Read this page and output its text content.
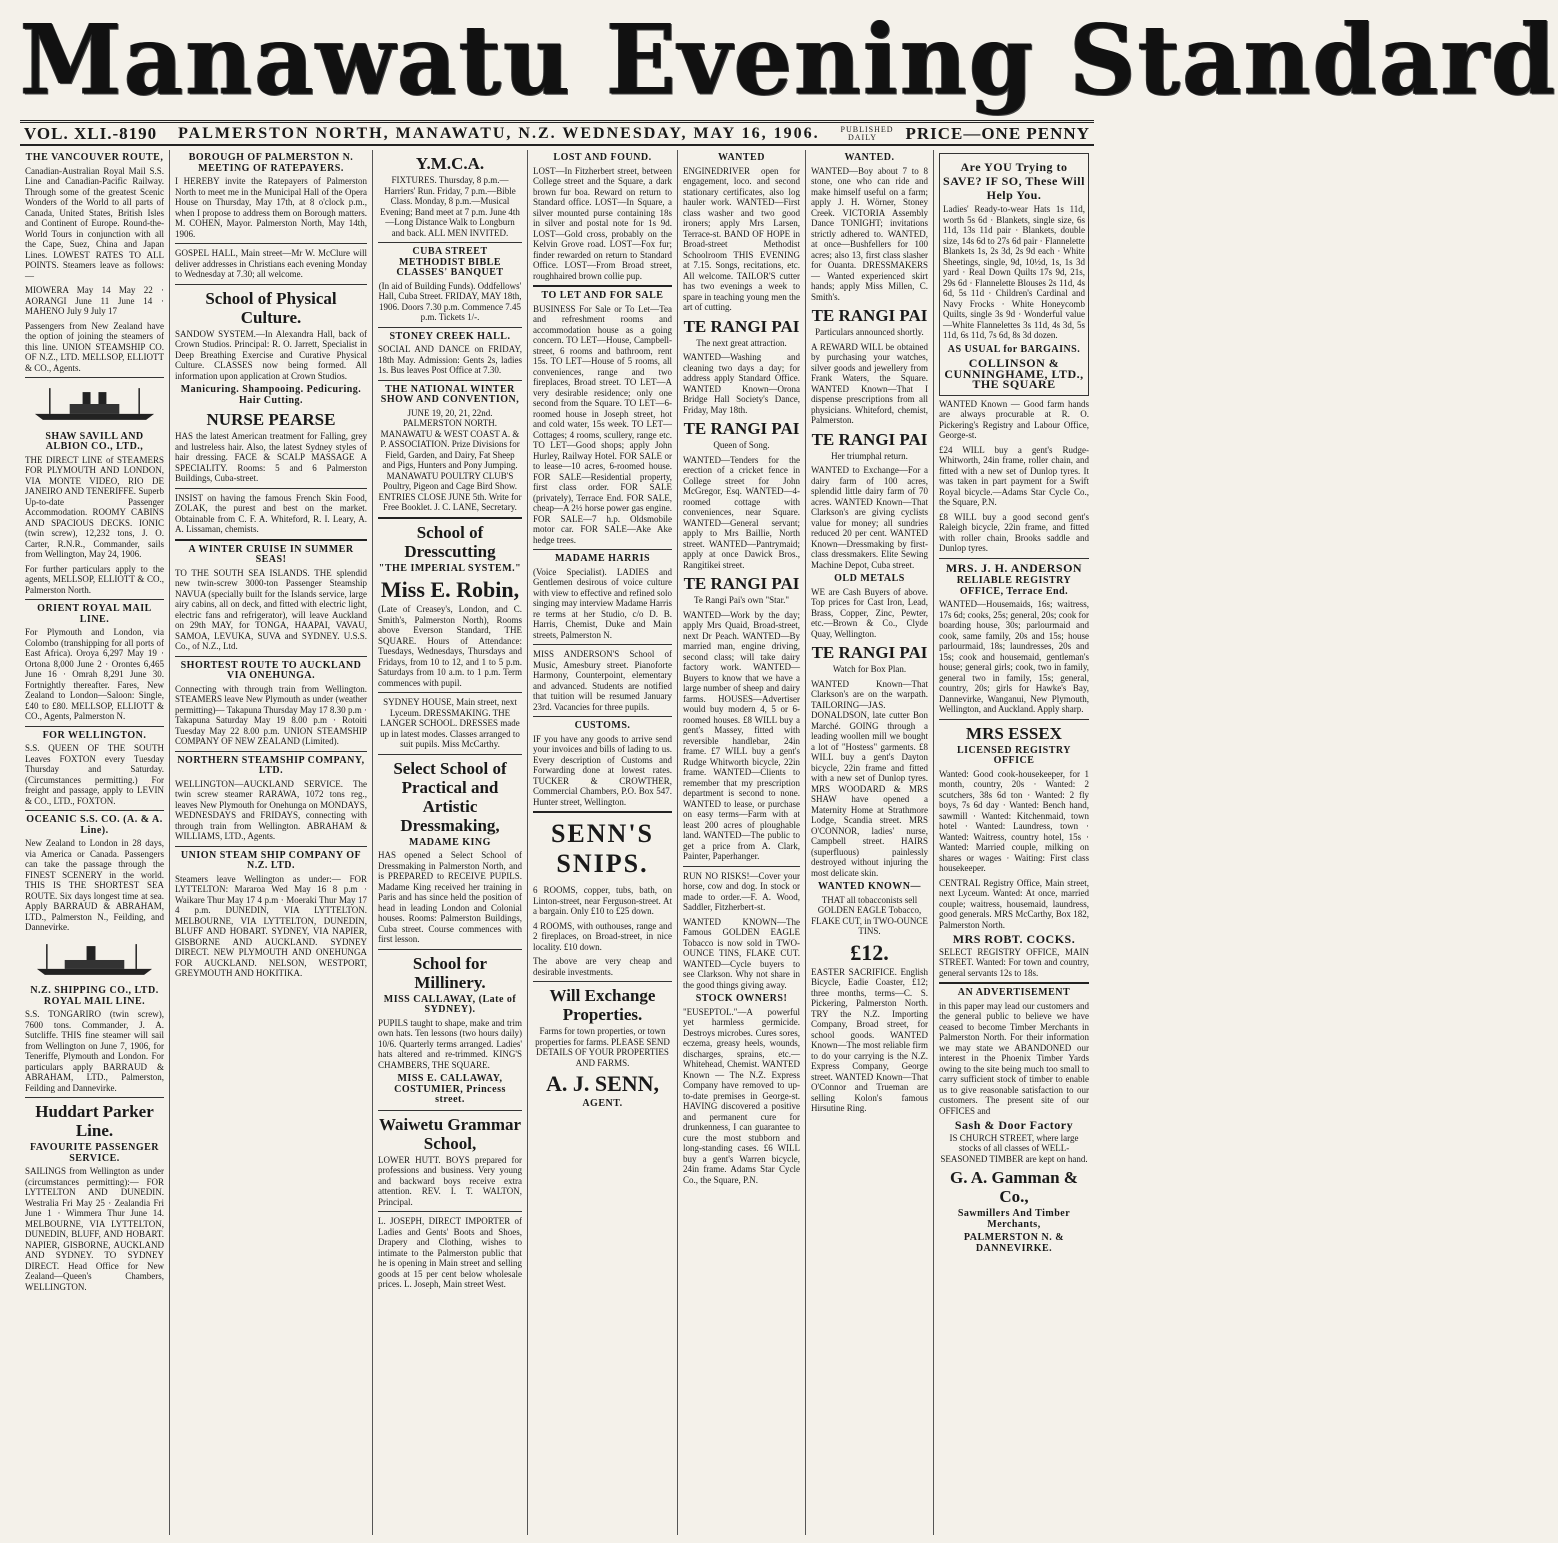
Manawatu Evening Standard
VOL. XLI.-8190 PALMERSTON NORTH, MANAWATU, N.Z. WEDNESDAY, MAY 16, 1906.	PUBLISHED DAILY	PRICE—ONE PENNY
THE VANCOUVER ROUTE,
Canadian-Australian Royal Mail S.S. Line and Canadian-Pacific Railway. Through some of the greatest Scenic Wonders of the World to all parts of Canada, United States, British Isles and Continent of Europe. Round-the-World Tours in conjunction with all the Cape, Suez, China and Japan Lines. LOWEST RATES TO ALL POINTS. Steamers leave as follows:—
MIOWERA May 14 May 22 · AORANGI June 11 June 14 · MAHENO July 9 July 17
Passengers from New Zealand have the option of joining the steamers of this line. UNION STEAMSHIP CO. OF N.Z., LTD. MELLSOP, ELLIOTT & CO., Agents.
SHAW SAVILL AND ALBION CO., LTD.,
THE DIRECT LINE of STEAMERS FOR PLYMOUTH AND LONDON, VIA MONTE VIDEO, RIO DE JANEIRO AND TENERIFFE. Superb Up-to-date Passenger Accommodation. ROOMY CABINS AND SPACIOUS DECKS. IONIC (twin screw), 12,232 tons, J. O. Carter, R.N.R., Commander, sails from Wellington, May 24, 1906.
For further particulars apply to the agents, MELLSOP, ELLIOTT & CO., Palmerston North.
ORIENT ROYAL MAIL LINE.
For Plymouth and London, via Colombo (transhipping for all ports of East Africa). Oroya 6,297 May 19 · Ortona 8,000 June 2 · Orontes 6,465 June 16 · Omrah 8,291 June 30. Fortnightly thereafter. Fares, New Zealand to London—Saloon: Single, £40 to £80. MELLSOP, ELLIOTT & CO., Agents, Palmerston N.
FOR WELLINGTON.
S.S. QUEEN OF THE SOUTH Leaves FOXTON every Tuesday Thursday and Saturday. (Circumstances permitting.) For freight and passage, apply to LEVIN & CO., LTD., FOXTON.
OCEANIC S.S. CO. (A. & A. Line).
New Zealand to London in 28 days, via America or Canada. Passengers can take the passage through the FINEST SCENERY in the world. THIS IS THE SHORTEST SEA ROUTE. Six days longest time at sea. Apply BARRAUD & ABRAHAM, LTD., Palmerston N., Feilding, and Dannevirke.
N.Z. SHIPPING CO., LTD. ROYAL MAIL LINE.
S.S. TONGARIRO (twin screw), 7600 tons. Commander, J. A. Sutcliffe. THIS fine steamer will sail from Wellington on June 7, 1906, for Teneriffe, Plymouth and London. For particulars apply BARRAUD & ABRAHAM, LTD., Palmerston, Feilding and Dannevirke.
Huddart Parker Line.
FAVOURITE PASSENGER SERVICE.
SAILINGS from Wellington as under (circumstances permitting):— FOR LYTTELTON AND DUNEDIN. Westralia Fri May 25 · Zealandia Fri June 1 · Wimmera Thur June 14. MELBOURNE, VIA LYTTELTON, DUNEDIN, BLUFF, AND HOBART. NAPIER, GISBORNE, AUCKLAND AND SYDNEY. TO SYDNEY DIRECT. Head Office for New Zealand—Queen's Chambers, WELLINGTON.
BOROUGH OF PALMERSTON N. MEETING OF RATEPAYERS.
I HEREBY invite the Ratepayers of Palmerston North to meet me in the Municipal Hall of the Opera House on Thursday, May 17th, at 8 o'clock p.m., when I propose to address them on Borough matters. M. COHEN, Mayor. Palmerston North, May 14th, 1906.
GOSPEL HALL, Main street—Mr W. McClure will deliver addresses in Christians each evening Monday to Wednesday at 7.30; all welcome.
School of Physical Culture.
SANDOW SYSTEM.—In Alexandra Hall, back of Crown Studios. Principal: R. O. Jarrett, Specialist in Deep Breathing Exercise and Curative Physical Culture. CLASSES now being formed. All information upon application at Crown Studios.
Manicuring. Shampooing. Pedicuring. Hair Cutting.
NURSE PEARSE
HAS the latest American treatment for Falling, grey and lustreless hair. Also, the latest Sydney styles of hair dressing. FACE & SCALP MASSAGE A SPECIALITY. Rooms: 5 and 6 Palmerston Buildings, Cuba-street.
INSIST on having the famous French Skin Food, ZOLAK, the purest and best on the market. Obtainable from C. F. A. Whiteford, R. I. Leary, A. A. Lissaman, chemists.
A WINTER CRUISE IN SUMMER SEAS!
TO THE SOUTH SEA ISLANDS. THE splendid new twin-screw 3000-ton Passenger Steamship NAVUA (specially built for the Islands service, large airy cabins, all on deck, and fitted with electric light, electric fans and refrigerator), will leave Auckland on 29th MAY, for TONGA, HAAPAI, VAVAU, SAMOA, LEVUKA, SUVA and SYDNEY. U.S.S. Co., of N.Z., Ltd.
SHORTEST ROUTE TO AUCKLAND VIA ONEHUNGA.
Connecting with through train from Wellington. STEAMERS leave New Plymouth as under (weather permitting)— Takapuna Thursday May 17 8.30 p.m · Takapuna Saturday May 19 8.00 p.m · Rotoiti Tuesday May 22 8.00 p.m. UNION STEAMSHIP COMPANY OF NEW ZEALAND (Limited).
NORTHERN STEAMSHIP COMPANY, LTD.
WELLINGTON—AUCKLAND SERVICE. The twin screw steamer RARAWA, 1072 tons reg., leaves New Plymouth for Onehunga on MONDAYS, WEDNESDAYS and FRIDAYS, connecting with through train from Wellington. ABRAHAM & WILLIAMS, LTD., Agents.
UNION STEAM SHIP COMPANY OF N.Z. LTD.
Steamers leave Wellington as under:— FOR LYTTELTON: Mararoa Wed May 16 8 p.m · Waikare Thur May 17 4 p.m · Moeraki Thur May 17 4 p.m. DUNEDIN, VIA LYTTELTON. MELBOURNE, VIA LYTTELTON, DUNEDIN, BLUFF AND HOBART. SYDNEY, VIA NAPIER, GISBORNE AND AUCKLAND. SYDNEY DIRECT. NEW PLYMOUTH AND ONEHUNGA FOR AUCKLAND. NELSON, WESTPORT, GREYMOUTH AND HOKITIKA.
Y.M.C.A.
FIXTURES. Thursday, 8 p.m.—Harriers' Run. Friday, 7 p.m.—Bible Class. Monday, 8 p.m.—Musical Evening; Band meet at 7 p.m. June 4th—Long Distance Walk to Longburn and back. ALL MEN INVITED.
CUBA STREET METHODIST BIBLE CLASSES' BANQUET
(In aid of Building Funds). Oddfellows' Hall, Cuba Street. FRIDAY, MAY 18th, 1906. Doors 7.30 p.m. Commence 7.45 p.m. Tickets 1/-.
STONEY CREEK HALL.
SOCIAL AND DANCE on FRIDAY, 18th May. Admission: Gents 2s, ladies 1s. Bus leaves Post Office at 7.30.
THE NATIONAL WINTER SHOW AND CONVENTION,
JUNE 19, 20, 21, 22nd. PALMERSTON NORTH. MANAWATU & WEST COAST A. & P. ASSOCIATION. Prize Divisions for Field, Garden, and Dairy, Fat Sheep and Pigs, Hunters and Pony Jumping. MANAWATU POULTRY CLUB'S Poultry, Pigeon and Cage Bird Show. ENTRIES CLOSE JUNE 5th. Write for Free Booklet. J. C. LANE, Secretary.
School of Dresscutting
"THE IMPERIAL SYSTEM."
Miss E. Robin,
(Late of Creasey's, London, and C. Smith's, Palmerston North), Rooms above Everson Standard, THE SQUARE. Hours of Attendance: Tuesdays, Wednesdays, Thursdays and Fridays, from 10 to 12, and 1 to 5 p.m. Saturdays from 10 a.m. to 1 p.m. Term commences with pupil.
SYDNEY HOUSE, Main street, next Lyceum. DRESSMAKING. THE LANGER SCHOOL. DRESSES made up in latest modes. Classes arranged to suit pupils. Miss McCarthy.
Select School of Practical and Artistic Dressmaking,
MADAME KING
HAS opened a Select School of Dressmaking in Palmerston North, and is PREPARED to RECEIVE PUPILS. Madame King received her training in Paris and has since held the position of head in leading London and Colonial houses. Rooms: Palmerston Buildings, Cuba street. Course commences with first lesson.
School for Millinery.
MISS CALLAWAY, (Late of SYDNEY).
PUPILS taught to shape, make and trim own hats. Ten lessons (two hours daily) 10/6. Quarterly terms arranged. Ladies' hats altered and re-trimmed. KING'S CHAMBERS, THE SQUARE.
MISS E. CALLAWAY, COSTUMIER, Princess street.
Waiwetu Grammar School,
LOWER HUTT. BOYS prepared for professions and business. Very young and backward boys receive extra attention. REV. I. T. WALTON, Principal.
L. JOSEPH, DIRECT IMPORTER of Ladies and Gents' Boots and Shoes, Drapery and Clothing, wishes to intimate to the Palmerston public that he is opening in Main street and selling goods at 15 per cent below wholesale prices. L. Joseph, Main street West.
LOST AND FOUND.
LOST—In Fitzherbert street, between College street and the Square, a dark brown fur boa. Reward on return to Standard office. LOST—In Square, a silver mounted purse containing 18s in silver and postal note for 1s 9d. LOST—Gold cross, probably on the Kelvin Grove road. LOST—Fox fur; finder rewarded on return to Standard Office. LOST—From Broad street, roughhaired brown collie pup.
TO LET AND FOR SALE
BUSINESS For Sale or To Let—Tea and refreshment rooms and accommodation house as a going concern. TO LET—House, Campbell-street, 6 rooms and bathroom, rent 15s. TO LET—House of 5 rooms, all conveniences, range and two fireplaces, Broad street. TO LET—A very desirable residence; only one second from the Square. TO LET—6-roomed house in Joseph street, hot and cold water, 15s week. TO LET—Cottages; 4 rooms, scullery, range etc. TO LET—Good shops; apply John Hurley, Railway Hotel. FOR SALE or to lease—10 acres, 6-roomed house. FOR SALE—Residential property, first class order. FOR SALE (privately), Terrace End. FOR SALE, cheap—A 2½ horse power gas engine. FOR SALE—7 h.p. Oldsmobile motor car. FOR SALE—Ake Ake hedge trees.
MADAME HARRIS
(Voice Specialist). LADIES and Gentlemen desirous of voice culture with view to effective and refined solo singing may interview Madame Harris re terms at her Studio, c/o D. B. Harris, Chemist, Duke and Main streets, Palmerston N.
MISS ANDERSON'S School of Music, Amesbury street. Pianoforte Harmony, Counterpoint, elementary and advanced. Students are notified that tuition will be resumed January 23rd. Vacancies for three pupils.
CUSTOMS.
IF you have any goods to arrive send your invoices and bills of lading to us. Every description of Customs and Forwarding done at lowest rates. TUCKER & CROWTHER, Commercial Chambers, P.O. Box 547. Hunter street, Wellington.
SENN'S SNIPS.
6 ROOMS, copper, tubs, bath, on Linton-street, near Ferguson-street. At a bargain. Only £10 to £25 down.
4 ROOMS, with outhouses, range and 2 fireplaces, on Broad-street, in nice locality. £10 down.
The above are very cheap and desirable investments.
Will Exchange Properties.
Farms for town properties, or town properties for farms. PLEASE SEND DETAILS OF YOUR PROPERTIES AND FARMS.
A. J. SENN,
AGENT.
WANTED
ENGINEDRIVER open for engagement, loco. and second stationary certificates, also log hauler work. WANTED—First class washer and two good ironers; apply Mrs Larsen, Terrace-st. BAND OF HOPE in Broad-street Methodist Schoolroom THIS EVENING at 7.15. Songs, recitations, etc. All welcome. TAILOR'S cutter has two evenings a week to spare in teaching young men the art of cutting.
TE RANGI PAI
The next great attraction.
WANTED—Washing and cleaning two days a day; for address apply Standard Office. WANTED Known—Orona Bridge Hall Society's Dance, Friday, May 18th.
TE RANGI PAI
Queen of Song.
WANTED—Tenders for the erection of a cricket fence in College street for John McGregor, Esq. WANTED—4-roomed cottage with conveniences, near Square. WANTED—General servant; apply to Mrs Baillie, North street. WANTED—Pantrymaid; apply at once Dawick Bros., Rangitikei street.
TE RANGI PAI
Te Rangi Pai's own "Star."
WANTED—Work by the day; apply Mrs Quaid, Broad-street, next Dr Peach. WANTED—By married man, engine driving, second class; will take dairy factory work. WANTED—Buyers to know that we have a large number of sheep and dairy farms. HOUSES—Advertiser would buy modern 4, 5 or 6-roomed houses. £8 WILL buy a gent's Massey, fitted with reversible handlebar, 24in frame. £7 WILL buy a gent's Rudge Whitworth bicycle, 22in frame. WANTED—Clients to remember that my prescription department is second to none. WANTED to lease, or purchase on easy terms—Farm with at least 200 acres of ploughable land. WANTED—The public to get a price from A. Clark, Painter, Paperhanger.
RUN NO RISKS!—Cover your horse, cow and dog. In stock or made to order.—F. A. Wood, Saddler, Fitzherbert-st.
WANTED KNOWN—The Famous GOLDEN EAGLE Tobacco is now sold in TWO-OUNCE TINS, FLAKE CUT. WANTED—Cycle buyers to see Clarkson. Why not share in the good things giving away.
STOCK OWNERS!
"EUSEPTOL."—A powerful yet harmless germicide. Destroys microbes. Cures sores, eczema, greasy heels, wounds, discharges, sprains, etc.—Whitehead, Chemist. WANTED Known — The N.Z. Express Company have removed to up-to-date premises in George-st. HAVING discovered a positive and permanent cure for drunkenness, I can guarantee to cure the most stubborn and long-standing cases. £6 WILL buy a gent's Warren bicycle, 24in frame. Adams Star Cycle Co., the Square, P.N.
WANTED.
WANTED—Boy about 7 to 8 stone, one who can ride and make himself useful on a farm; apply J. H. Wörner, Stoney Creek. VICTORIA Assembly Dance TONIGHT; invitations strictly adhered to. WANTED, at once—Bushfellers for 100 acres; also 13, first class slasher for Ouanta. DRESSMAKERS — Wanted experienced skirt hands; apply Miss Millen, C. Smith's.
TE RANGI PAI
Particulars announced shortly.
A REWARD WILL be obtained by purchasing your watches, silver goods and jewellery from Frank Waters, the Square. WANTED Known—That I dispense prescriptions from all physicians. Whiteford, chemist, Palmerston.
TE RANGI PAI
Her triumphal return.
WANTED to Exchange—For a dairy farm of 100 acres, splendid little dairy farm of 70 acres. WANTED Known—That Clarkson's are giving cyclists value for money; all sundries reduced 20 per cent. WANTED Known—Dressmaking by first-class dressmakers. Elite Sewing Machine Depot, Cuba street.
OLD METALS
WE are Cash Buyers of above. Top prices for Cast Iron, Lead, Brass, Copper, Zinc, Pewter, etc.—Brown & Co., Clyde Quay, Wellington.
TE RANGI PAI
Watch for Box Plan.
WANTED Known—That Clarkson's are on the warpath. TAILORING—JAS. DONALDSON, late cutter Bon Marché. GOING through a leading woollen mill we bought a lot of "Hostess" garments. £8 WILL buy a gent's Dayton bicycle, 22in frame and fitted with a new set of Dunlop tyres. MRS WOODARD & MRS SHAW have opened a Maternity Home at Strathmore Lodge, Scandia street. MRS O'CONNOR, ladies' nurse, Campbell street. HAIRS (superfluous) painlessly destroyed without injuring the most delicate skin.
WANTED KNOWN—
THAT all tobacconists sell GOLDEN EAGLE Tobacco, FLAKE CUT, in TWO-OUNCE TINS.
£12.
EASTER SACRIFICE. English Bicycle, Eadie Coaster, £12; three months, terms—C. S. Pickering, Palmerston North. TRY the N.Z. Importing Company, Broad street, for school goods. WANTED Known—The most reliable firm to do your carrying is the N.Z. Express Company, George street. WANTED Known—That O'Connor and Trueman are selling Kolon's famous Hirsutine Ring.
Are YOU Trying to SAVE? IF SO, These Will Help You.
Ladies' Ready-to-wear Hats 1s 11d, worth 5s 6d · Blankets, single size, 6s 11d, 13s 11d pair · Blankets, double size, 14s 6d to 27s 6d pair · Flannelette Blankets 1s, 2s 3d, 2s 9d each · White Sheetings, single, 9d, 10½d, 1s, 1s 3d yard · Real Down Quilts 17s 9d, 21s, 29s 6d · Flannelette Blouses 2s 11d, 4s 6d, 5s 11d · Children's Cardinal and Navy Frocks · White Honeycomb Quilts, single 3s 9d · Wonderful value—White Flannelettes 3s 11d, 4s 3d, 5s 11d, 6s 11d, 7s 6d, 8s 3d dozen.
AS USUAL for BARGAINS.
COLLINSON & CUNNINGHAME, LTD., THE SQUARE
WANTED Known — Good farm hands are always procurable at R. O. Pickering's Registry and Labour Office, George-st.
£24 WILL buy a gent's Rudge-Whitworth, 24in frame, roller chain, and fitted with a new set of Dunlop tyres. It was taken in part payment for a Swift Royal bicycle.—Adams Star Cycle Co., the Square, P.N.
£8 WILL buy a good second gent's Raleigh bicycle, 22in frame, and fitted with roller chain, Brooks saddle and Dunlop tyres.
MRS. J. H. ANDERSON
RELIABLE REGISTRY OFFICE, Terrace End.
WANTED—Housemaids, 16s; waitress, 17s 6d; cooks, 25s; general, 20s; cook for boarding house, 30s; parlourmaid and cook, same family, 20s and 15s; house parlourmaid, 18s; laundresses, 20s and 15s; cook and housemaid, gentleman's house; general girls; cook, two in family, general two in family, 15s; general, country, 20s; girls for Hawke's Bay, Dannevirke, Wanganui, New Plymouth, Wellington, and Auckland. Apply sharp.
MRS ESSEX
LICENSED REGISTRY OFFICE
Wanted: Good cook-housekeeper, for 1 month, country, 20s · Wanted: 2 scutchers, 38s 6d ton · Wanted: 2 fly boys, 7s 6d day · Wanted: Bench hand, sawmill · Wanted: Kitchenmaid, town hotel · Wanted: Laundress, town · Wanted: Waitress, country hotel, 15s · Wanted: Married couple, milking on shares or wages · Waiting: First class housekeeper.
CENTRAL Registry Office, Main street, next Lyceum. Wanted: At once, married couple; waitress, housemaid, laundress, good generals. MRS McCarthy, Box 182, Palmerston North.
MRS ROBT. COCKS.
SELECT REGISTRY OFFICE, MAIN STREET. Wanted: For town and country, general servants 12s to 18s.
AN ADVERTISEMENT
in this paper may lead our customers and the general public to believe we have ceased to become Timber Merchants in Palmerston North. For their information we may state we ABANDONED our interest in the Phoenix Timber Yards owing to the site being much too small to carry sufficient stock of timber to enable us to give reasonable satisfaction to our customers. The present site of our OFFICES and
Sash & Door Factory
IS CHURCH STREET, where large stocks of all classes of WELL-SEASONED TIMBER are kept on hand.
G. A. Gamman & Co.,
Sawmillers And Timber Merchants,
PALMERSTON N. & DANNEVIRKE.
